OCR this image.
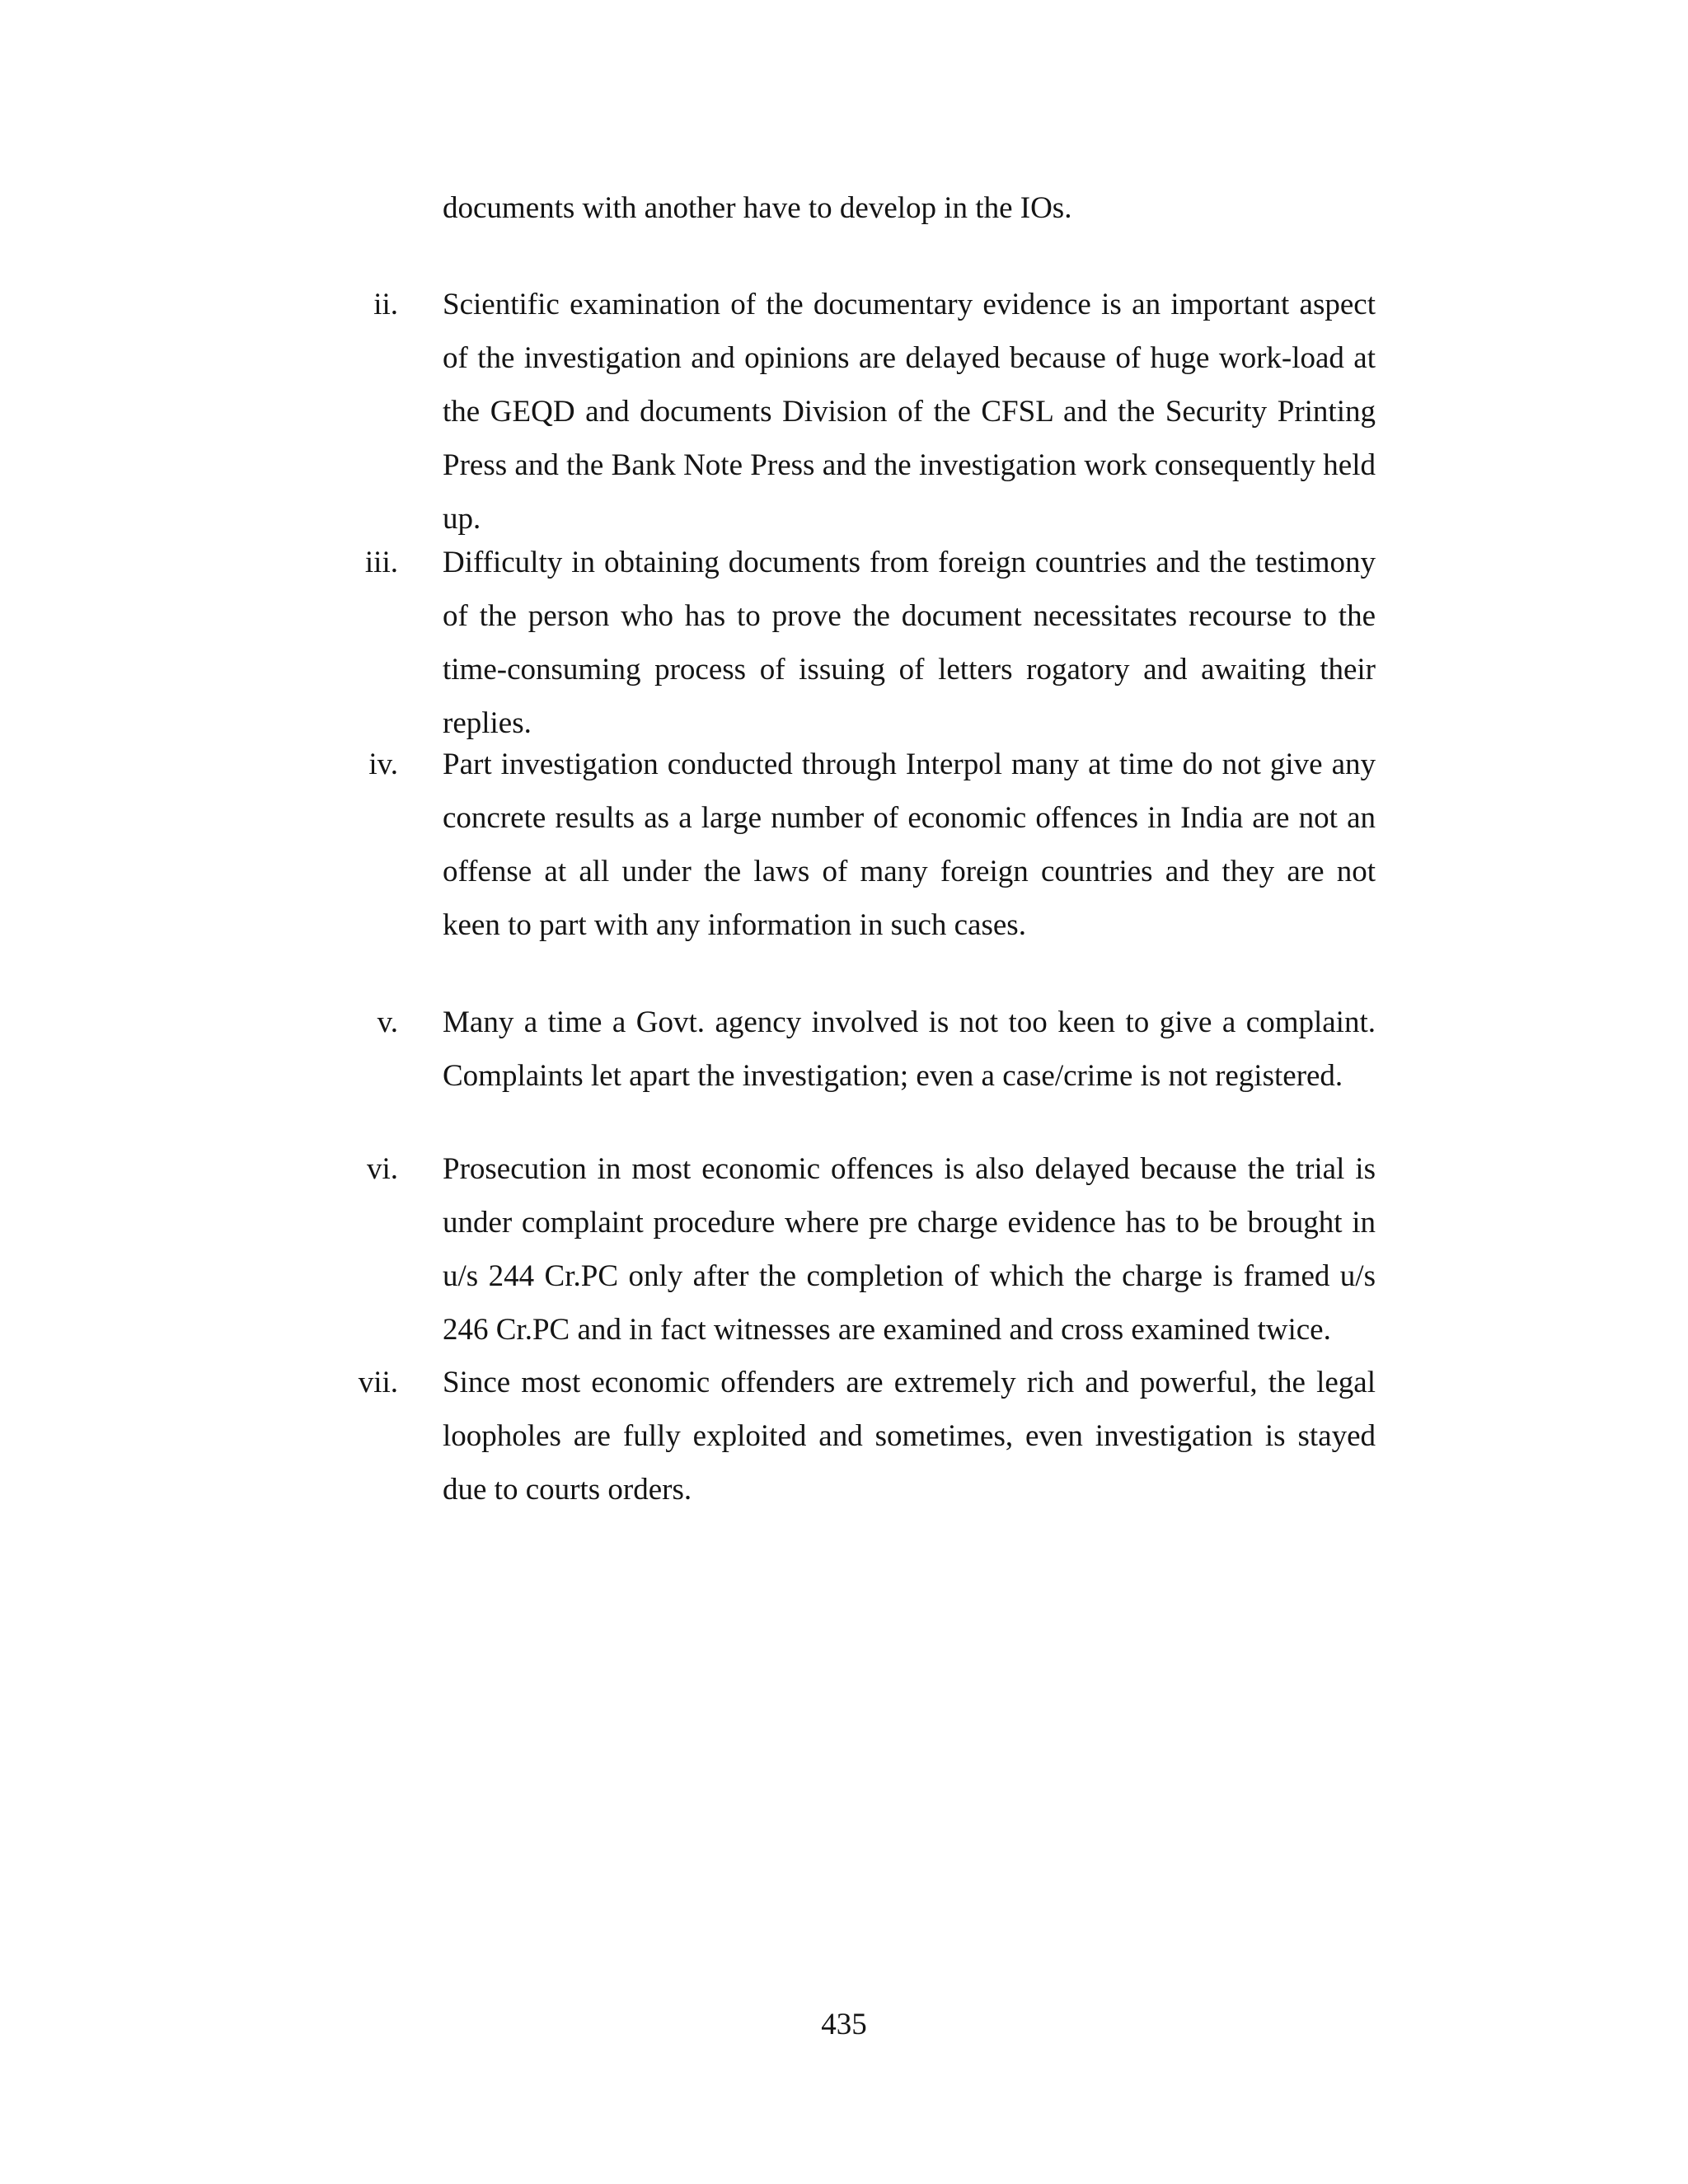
documents with another have to develop in the IOs.

ii. Scientific examination of the documentary evidence is an important aspect of the investigation and opinions are delayed because of huge work-load at the GEQD and documents Division of the CFSL and the Security Printing Press and the Bank Note Press and the investigation work consequently held up.
iii. Difficulty in obtaining documents from foreign countries and the testimony of the person who has to prove the document necessitates recourse to the time-consuming process of issuing of letters rogatory and awaiting their replies.
iv. Part investigation conducted through Interpol many at time do not give any concrete results as a large number of economic offences in India are not an offense at all under the laws of many foreign countries and they are not keen to part with any information in such cases.
v. Many a time a Govt. agency involved is not too keen to give a complaint. Complaints let apart the investigation; even a case/crime is not registered.
vi. Prosecution in most economic offences is also delayed because the trial is under complaint procedure where pre charge evidence has to be brought in u/s 244 Cr.PC only after the completion of which the charge is framed u/s 246 Cr.PC and in fact witnesses are examined and cross examined twice.
vii. Since most economic offenders are extremely rich and powerful, the legal loopholes are fully exploited and sometimes, even investigation is stayed due to courts orders.
435
